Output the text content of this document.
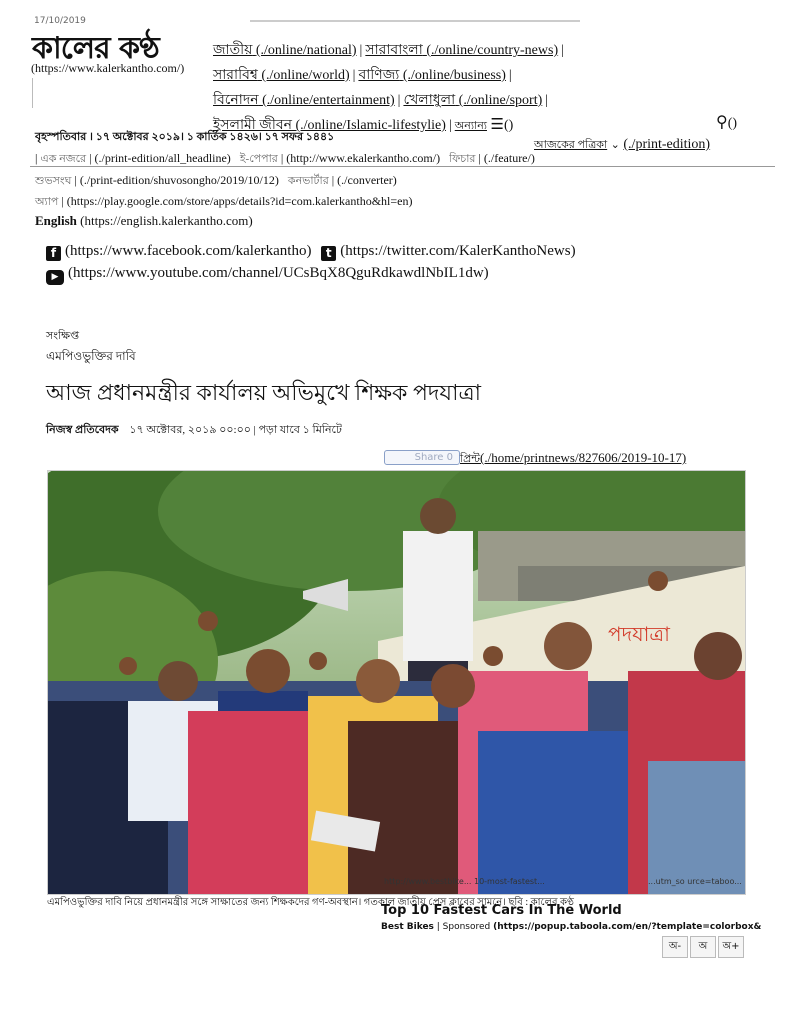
17/10/2019
কালের কণ্ঠ
(https://www.kalerkantho.com/)
জাতীয় (./online/national) | সারাবাংলা (./online/country-news) |
সারাবিশ্ব (./online/world) | বাণিজ্য (./online/business) |
বিনোদন (./online/entertainment) | খেলাধুলা (./online/sport) |
ইসলামী জীবন (./online/Islamic-lifestylie) | অন্যান্য ☰()	⚲()
আজকের পত্রিকা ⌄ (./print-edition)
বৃহস্পতিবার । ১৭ অক্টোবর ২০১৯। ১ কার্তিক ১৪২৬। ১৭ সফর ১৪৪১
| এক নজরে | (./print-edition/all_headline) ই-পেপার | (http://www.ekalerkantho.com/) ফিচার | (./feature/)
শুভসংঘ | (./print-edition/shuvosongho/2019/10/12) কনভার্টার | (./converter)
অ্যাপ | (https://play.google.com/store/apps/details?id=com.kalerkantho&hl=en)
English (https://english.kalerkantho.com)
f (https://www.facebook.com/kalerkantho) t (https://twitter.com/KalerKanthoNews)
▶ (https://www.youtube.com/channel/UCsBqX8QguRdkawdlNbIL1dw)
সংক্ষিপ্ত
এমপিওভুক্তির দাবি
আজ প্রধানমন্ত্রীর কার্যালয় অভিমুখে শিক্ষক পদযাত্রা
নিজস্ব প্রতিবেদক ১৭ অক্টোবর, ২০১৯ ০০:০০ | পড়া যাবে ১ মিনিটে
Share 0 প্রিন্ট(./home/printnews/827606/2019-10-17)
পদযাত্রা
http://www.bestbike... 10-most-fastest...	...utm_so urce=taboo...
এমপিওভুক্তির দাবি নিয়ে প্রধানমন্ত্রীর সঙ্গে সাক্ষাতের জন্য শিক্ষকদের গণ-অবস্থান। গতকাল জাতীয় প্রেস ক্লাবের সামনে। ছবি : কালের কণ্ঠ
Top 10 Fastest Cars In The World
Best Bikes | Sponsored (https://popup.taboola.com/en/?template=colorbox&
অ-	অ	অ+
